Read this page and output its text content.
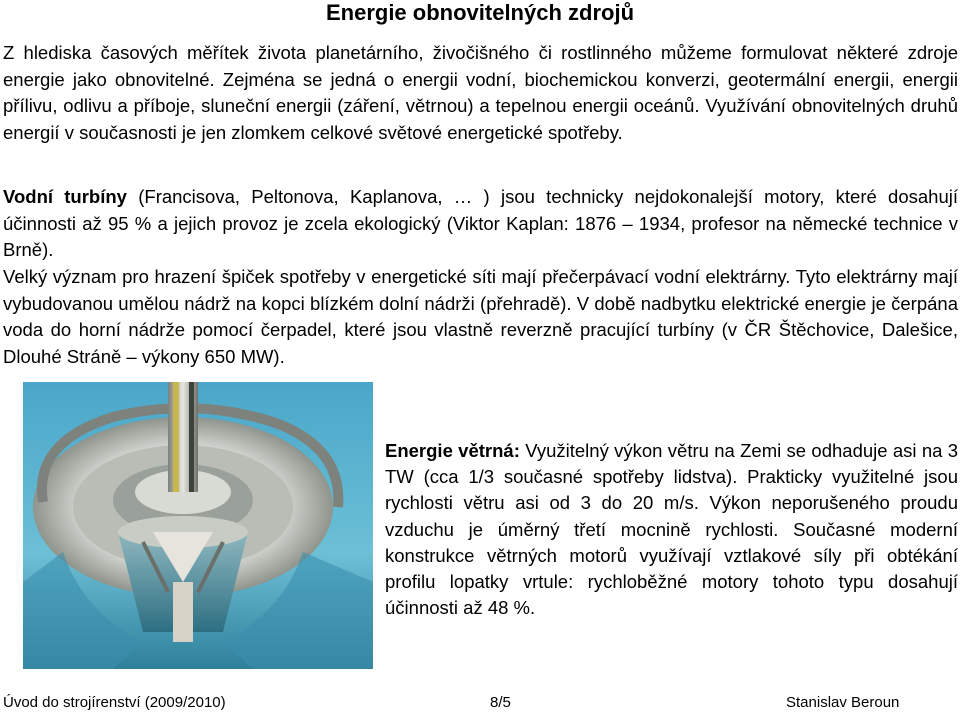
Energie obnovitelných zdrojů

Z hlediska časových měřítek života planetárního, živočišného či rostlinného můžeme formulovat některé zdroje energie jako obnovitelné. Zejména se jedná o energii vodní, biochemickou konverzi, geotermální energii, energii přílivu, odlivu a příboje, sluneční energii (záření, větrnou) a tepelnou energii oceánů. Využívání obnovitelných druhů energií v současnosti je jen zlomkem celkové světové energetické spotřeby.

Vodní turbíny (Francisova, Peltonova, Kaplanova, … ) jsou technicky nejdokonalejší motory, které dosahují účinnosti až 95 % a jejich provoz je zcela ekologický (Viktor Kaplan: 1876 – 1934, profesor na německé technice v Brně).

Velký význam pro hrazení špiček spotřeby v energetické síti mají přečerpávací vodní elektrárny. Tyto elektrárny mají vybudovanou umělou nádrž na kopci blízkém dolní nádrži (přehradě). V době nadbytku elektrické energie je čerpána voda do horní nádrže pomocí čerpadel, které jsou vlastně reverzně pracující turbíny (v ČR Štěchovice, Dalešice, Dlouhé Stráně – výkony 650 MW).

Energie větrná: Využitelný výkon větru na Zemi se odhaduje asi na 3 TW (cca 1/3 současné spotřeby lidstva). Prakticky využitelné jsou rychlosti větru asi od 3 do 20 m/s. Výkon neporušeného proudu vzduchu je úměrný třetí mocnině rychlosti. Současné moderní konstrukce větrných motorů využívají vztlakové síly při obtékání profilu lopatky vrtule: rychloběžné motory tohoto typu dosahují účinnosti až 48 %.

Úvod do strojírenství (2009/2010)	8/5	Stanislav Beroun
